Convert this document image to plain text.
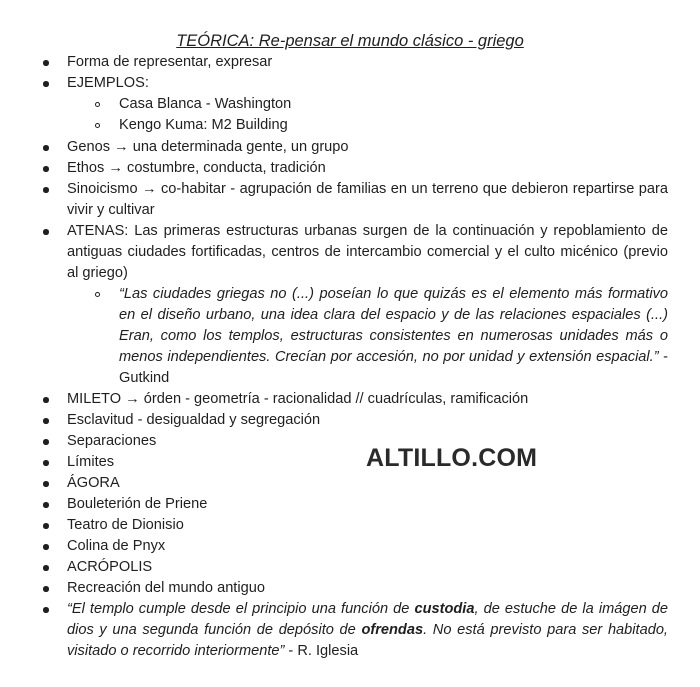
TEÓRICA: Re-pensar el mundo clásico - griego
Forma de representar, expresar
EJEMPLOS:
Casa Blanca - Washington
Kengo Kuma: M2 Building
Genos → una determinada gente, un grupo
Ethos → costumbre, conducta, tradición
Sinoicismo → co-habitar - agrupación de familias en un terreno que debieron repartirse para vivir y cultivar
ATENAS: Las primeras estructuras urbanas surgen de la continuación y repoblamiento de antiguas ciudades fortificadas, centros de intercambio comercial y el culto micénico (previo al griego)
“Las ciudades griegas no (...) poseían lo que quizás es el elemento más formativo en el diseño urbano, una idea clara del espacio y de las relaciones espaciales (...) Eran, como los templos, estructuras consistentes en numerosas unidades más o menos independientes. Crecían por accesión, no por unidad y extensión espacial.” - Gutkind
MILETO → órden - geometría - racionalidad // cuadrículas, ramificación
Esclavitud - desigualdad y segregación
Separaciones
Límites
ÁGORA
Bouleterión de Priene
Teatro de Dionisio
Colina de Pnyx
ACRÓPOLIS
Recreación del mundo antiguo
“El templo cumple desde el principio una función de custodia, de estuche de la imágen de dios y una segunda función de depósito de ofrendas. No está previsto para ser habitado, visitado o recorrido interiormente” - R. Iglesia
ALTILLO.COM
